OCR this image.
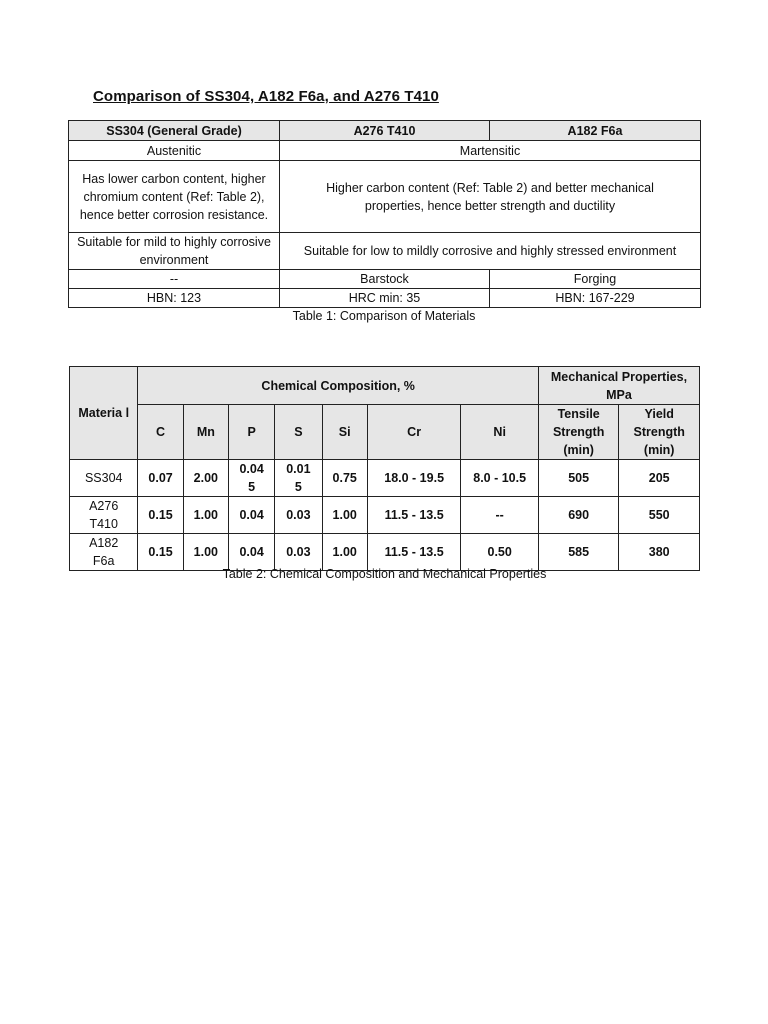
Comparison of SS304, A182 F6a, and A276 T410
SS304 (General Grade)	A276 T410	A182 F6a
Austenitic	Martensitic	
Has lower carbon content, higher chromium content (Ref: Table 2), hence better corrosion resistance.	Higher carbon content (Ref: Table 2) and better mechanical properties, hence better strength and ductility	
Suitable for mild to highly corrosive environment	Suitable for low to mildly corrosive and highly stressed environment	
--	Barstock	Forging
HBN: 123	HRC min: 35	HBN: 167-229
Table 1: Comparison of Materials
Materia l	Chemical Composition, %							Mechanical Properties, MPa	
	C	Mn	P	S	Si	Cr	Ni	Tensile Strength (min)	Yield Strength (min)
SS304	0.07	2.00	0.04 5	0.01 5	0.75	18.0 - 19.5	8.0 - 10.5	505	205
A276 T410	0.15	1.00	0.04	0.03	1.00	11.5 - 13.5	--	690	550
A182 F6a	0.15	1.00	0.04	0.03	1.00	11.5 - 13.5	0.50	585	380
Table 2: Chemical Composition and Mechanical Properties
